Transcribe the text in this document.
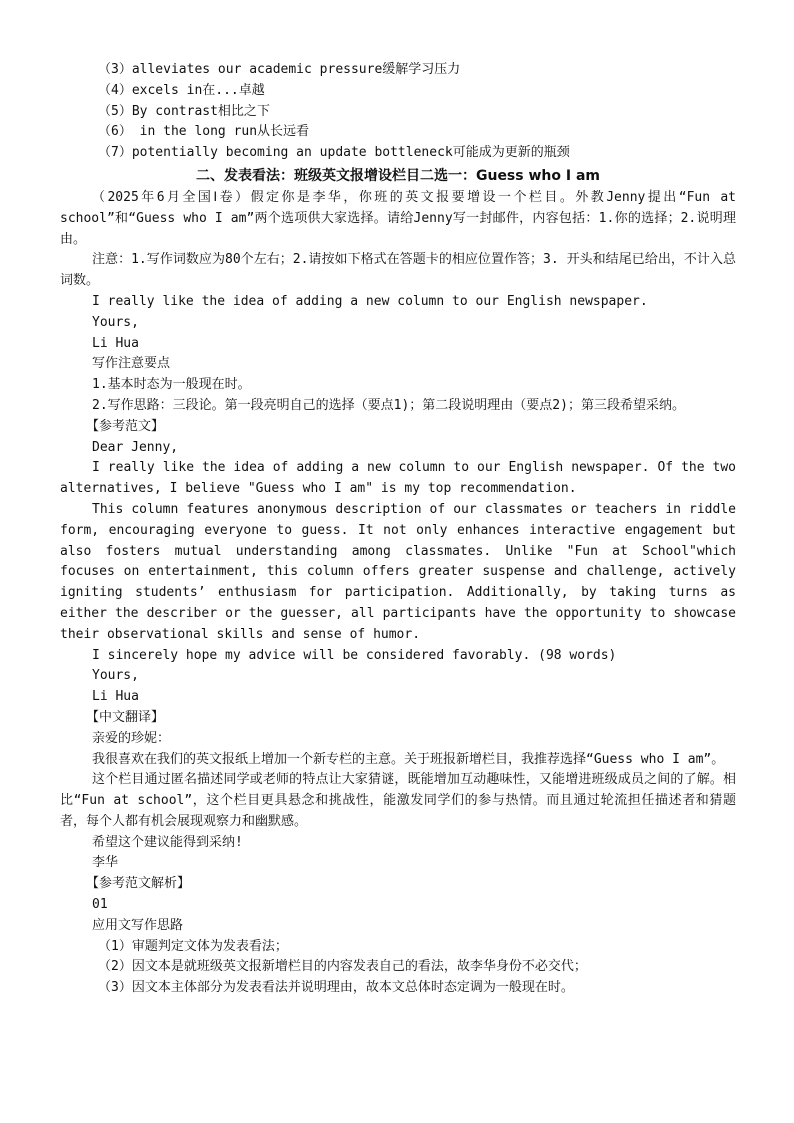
（3）alleviates our academic pressure缓解学习压力
（4）excels in在...卓越
（5）By contrast相比之下
（6） in the long run从长远看
（7）potentially becoming an update bottleneck可能成为更新的瓶颈
二、发表看法：班级英文报增设栏目二选一：Guess who I am
（2025年6月全国Ⅰ卷）假定你是李华，你班的英文报要增设一个栏目。外教Jenny提出“Fun at school”和“Guess who I am”两个选项供大家选择。请给Jenny写一封邮件，内容包括：1.你的选择；2.说明理由。
注意：1.写作词数应为80个左右；2.请按如下格式在答题卡的相应位置作答；3. 开头和结尾已给出，不计入总词数。
I really like the idea of adding a new column to our English newspaper.
Yours,
Li Hua
写作注意要点
1.基本时态为一般现在时。
2.写作思路：三段论。第一段亮明自己的选择（要点1)；第二段说明理由（要点2)；第三段希望采纳。
【参考范文】
Dear Jenny,
I really like the idea of adding a new column to our English newspaper. Of the two alternatives, I believe "Guess who I am" is my top recommendation.
This column features anonymous description of our classmates or teachers in riddle form, encouraging everyone to guess. It not only enhances interactive engagement but also fosters mutual understanding among classmates. Unlike "Fun at School"which focuses on entertainment, this column offers greater suspense and challenge, actively igniting students’ enthusiasm for participation. Additionally, by taking turns as either the describer or the guesser, all participants have the opportunity to showcase their observational skills and sense of humor.
I sincerely hope my advice will be considered favorably. (98 words)
Yours,
Li Hua
【中文翻译】
亲爱的珍妮：
我很喜欢在我们的英文报纸上增加一个新专栏的主意。关于班报新增栏目，我推荐选择“Guess who I am”。
这个栏目通过匿名描述同学或老师的特点让大家猜谜，既能增加互动趣味性，又能增进班级成员之间的了解。相比“Fun at school”，这个栏目更具悬念和挑战性，能激发同学们的参与热情。而且通过轮流担任描述者和猜题者，每个人都有机会展现观察力和幽默感。
希望这个建议能得到采纳!
李华
【参考范文解析】
01
应用文写作思路
（1）审题判定文体为发表看法；
（2）因文本是就班级英文报新增栏目的内容发表自己的看法，故李华身份不必交代；
（3）因文本主体部分为发表看法并说明理由，故本文总体时态定调为一般现在时。
